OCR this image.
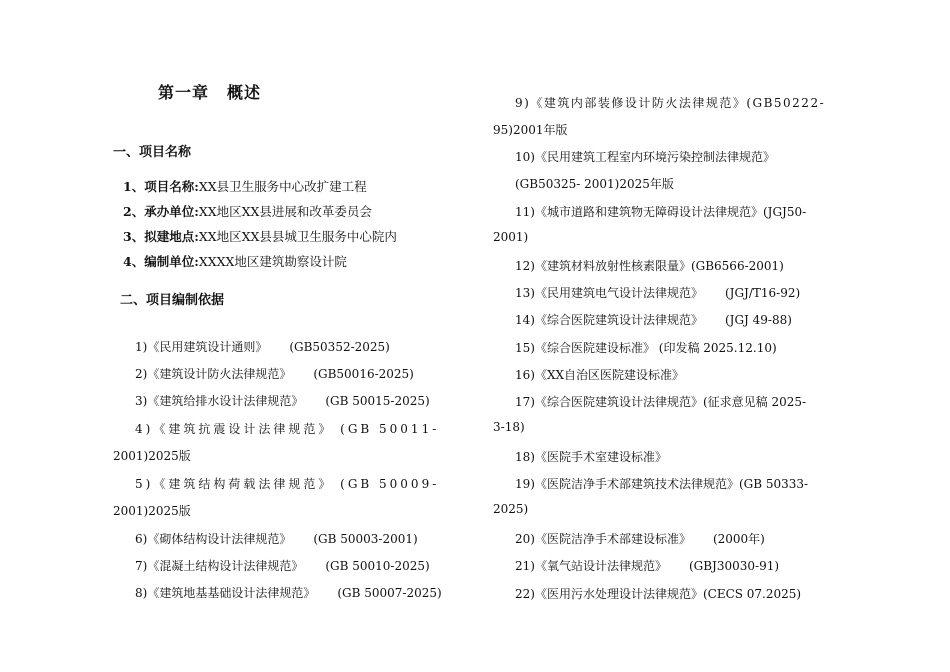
第一章 概述
一、项目名称
1、项目名称:XX县卫生服务中心改扩建工程
2、承办单位:XX地区XX县进展和改革委员会
3、拟建地点:XX地区XX县县城卫生服务中心院内
4、编制单位:XXXX地区建筑勘察设计院
二、项目编制依据
1)《民用建筑设计通则》 (GB50352-2025)
2)《建筑设计防火法律规范》 (GB50016-2025)
3)《建筑给排水设计法律规范》 (GB 50015-2025)
4)《建筑抗震设计法律规范》 (GB 50011-
2001)2025版
5)《建筑结构荷载法律规范》 (GB 50009-
2001)2025版
6)《砌体结构设计法律规范》 (GB 50003-2001)
7)《混凝土结构设计法律规范》 (GB 50010-2025)
8)《建筑地基基础设计法律规范》 (GB 50007-2025)
9)《建筑内部装修设计防火法律规范》(GB50222-
95)2001年版
10)《民用建筑工程室内环境污染控制法律规范》
(GB50325- 2001)2025年版
11)《城市道路和建筑物无障碍设计法律规范》(JGJ50-
2001)
12)《建筑材料放射性核素限量》(GB6566-2001)
13)《民用建筑电气设计法律规范》 (JGJ/T16-92)
14)《综合医院建筑设计法律规范》 (JGJ 49-88)
15)《综合医院建设标准》 (印发稿 2025.12.10)
16)《XX自治区医院建设标准》
17)《综合医院建筑设计法律规范》(征求意见稿 2025-
3-18)
18)《医院手术室建设标准》
19)《医院洁净手术部建筑技术法律规范》(GB 50333-
2025)
20)《医院洁净手术部建设标准》 (2000年)
21)《氧气站设计法律规范》 (GBJ30030-91)
22)《医用污水处理设计法律规范》(CECS 07.2025)
